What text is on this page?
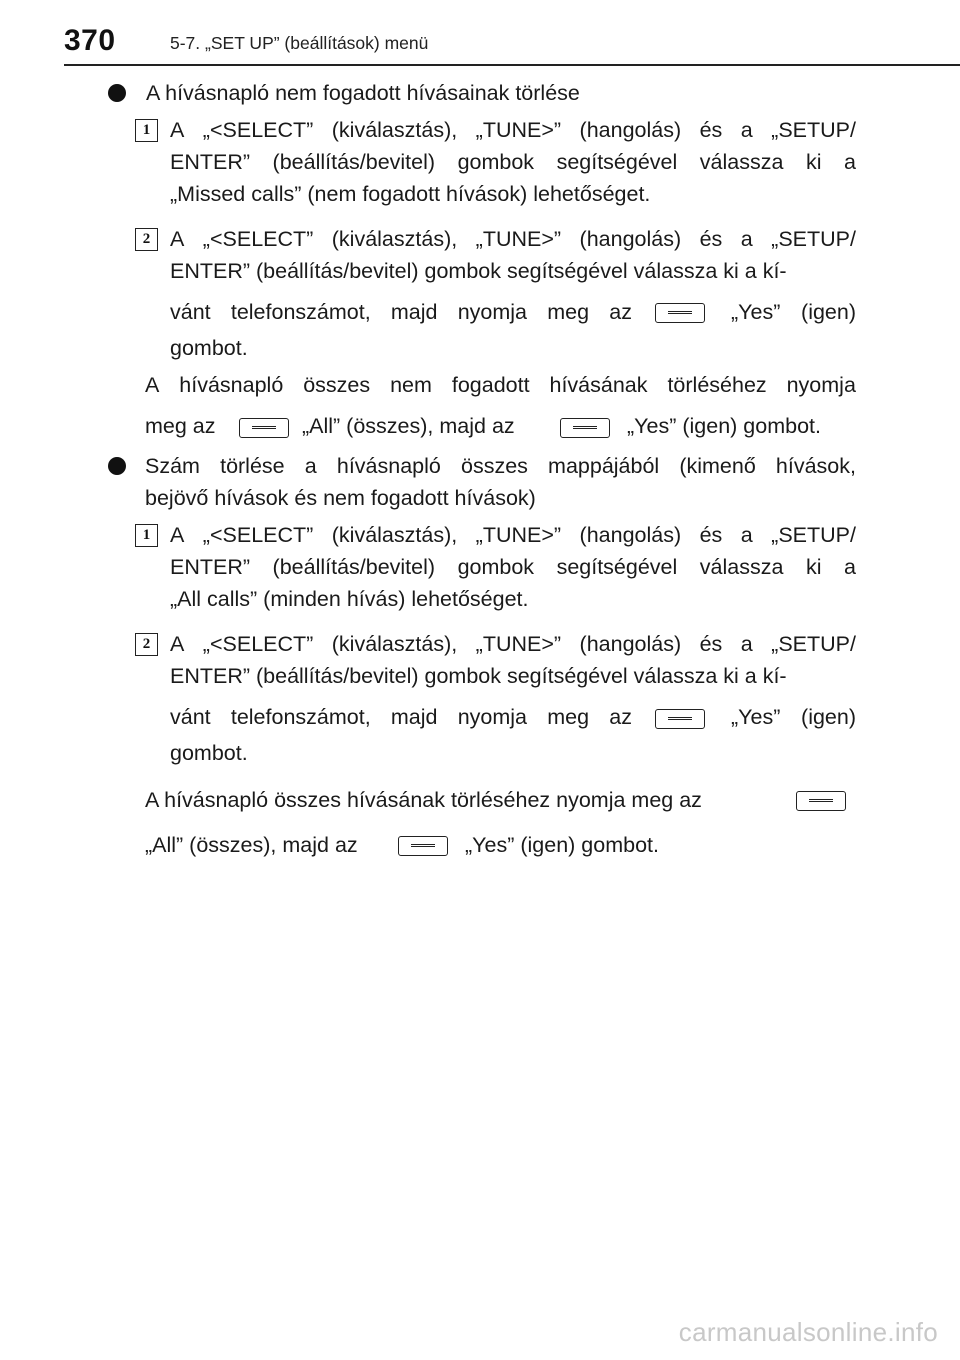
370	5-7. „SET UP” (beállítások) menü
A hívásnapló nem fogadott hívásainak törlése
1 A „<SELECT” (kiválasztás), „TUNE>” (hangolás) és a „SETUP/
ENTER” (beállítás/bevitel) gombok segítségével válassza ki a
„Missed calls” (nem fogadott hívások) lehetőséget.
2 A „<SELECT” (kiválasztás), „TUNE>” (hangolás) és a „SETUP/
ENTER” (beállítás/bevitel) gombok segítségével válassza ki a kí-
vánt telefonszámot, majd nyomja meg az	„Yes” (igen)
gombot.
A hívásnapló összes nem fogadott hívásának törléséhez nyomja
meg az	„All” (összes), majd az	„Yes” (igen) gombot.
Szám törlése a hívásnapló összes mappájából (kimenő hívások,
bejövő hívások és nem fogadott hívások)
1 A „<SELECT” (kiválasztás), „TUNE>” (hangolás) és a „SETUP/
ENTER” (beállítás/bevitel) gombok segítségével válassza ki a
„All calls” (minden hívás) lehetőséget.
2 A „<SELECT” (kiválasztás), „TUNE>” (hangolás) és a „SETUP/
ENTER” (beállítás/bevitel) gombok segítségével válassza ki a kí-
vánt telefonszámot, majd nyomja meg az	„Yes” (igen)
gombot.
A hívásnapló összes hívásának törléséhez nyomja meg az
„All” (összes), majd az	„Yes” (igen) gombot.
carmanualsonline.info
